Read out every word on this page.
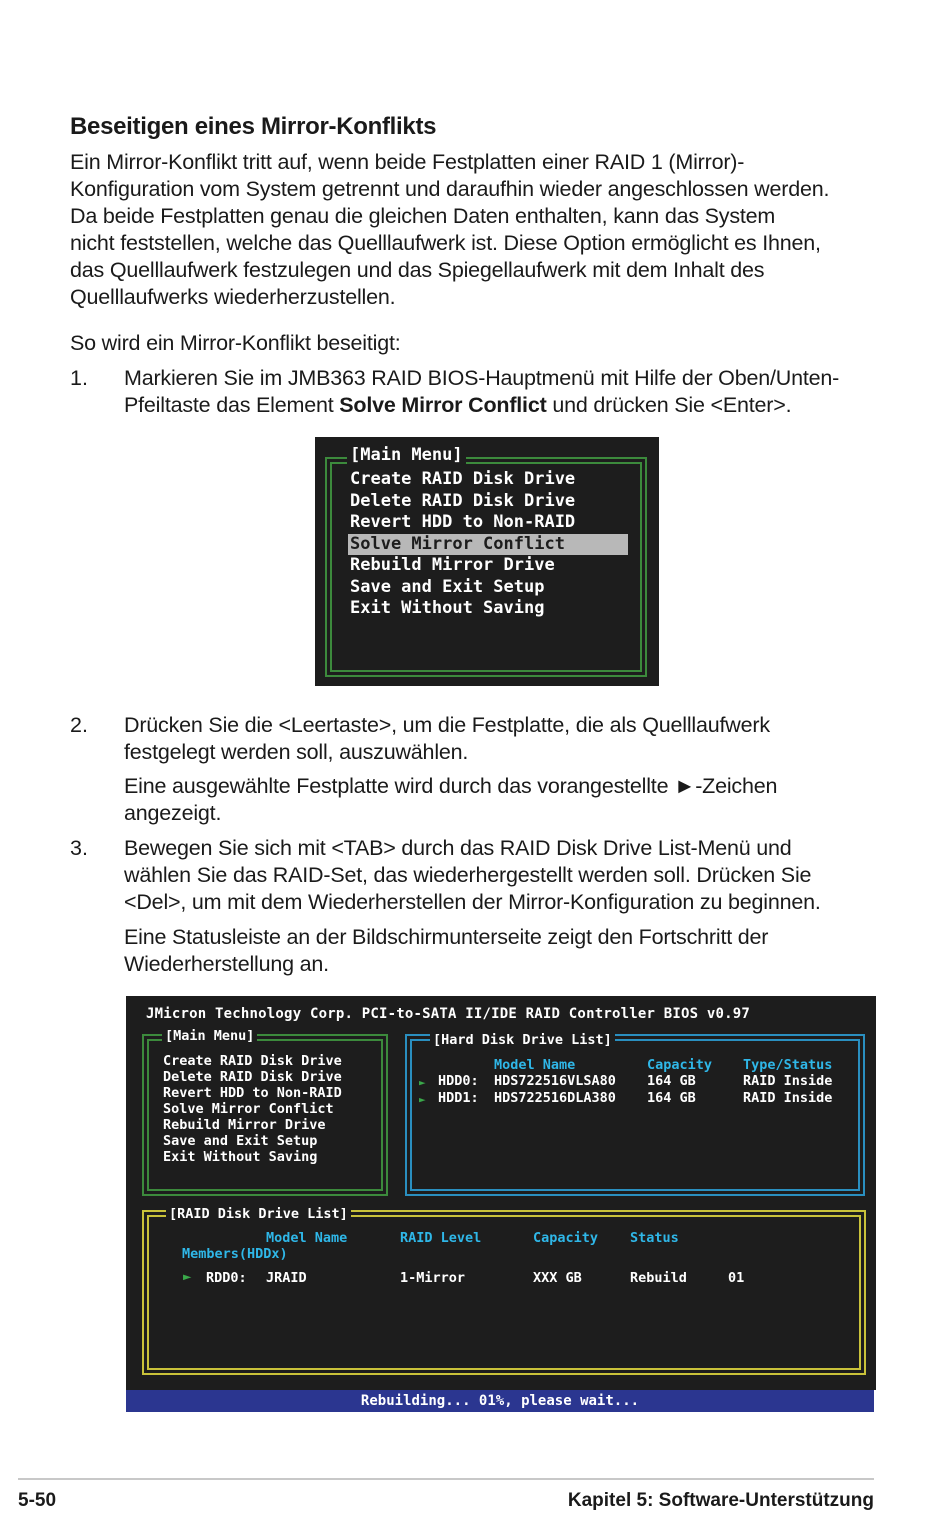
Beseitigen eines Mirror-Konflikts
Ein Mirror-Konflikt tritt auf, wenn beide Festplatten einer RAID 1 (Mirror)-
Konfiguration vom System getrennt und daraufhin wieder angeschlossen werden.
Da beide Festplatten genau die gleichen Daten enthalten, kann das System
nicht feststellen, welche das Quelllaufwerk ist. Diese Option ermöglicht es Ihnen,
das Quelllaufwerk festzulegen und das Spiegellaufwerk mit dem Inhalt des
Quelllaufwerks wiederherzustellen.
So wird ein Mirror-Konflikt beseitigt:
1. Markieren Sie im JMB363 RAID BIOS-Hauptmenü mit Hilfe der Oben/Unten-
Pfeiltaste das Element Solve Mirror Conflict und drücken Sie <Enter>.
[Main Menu]
Create RAID Disk Drive
Delete RAID Disk Drive
Revert HDD to Non-RAID
Solve Mirror Conflict
Rebuild Mirror Drive
Save and Exit Setup
Exit Without Saving
2. Drücken Sie die <Leertaste>, um die Festplatte, die als Quelllaufwerk
festgelegt werden soll, auszuwählen.
Eine ausgewählte Festplatte wird durch das vorangestellte ►-Zeichen
angezeigt.
3. Bewegen Sie sich mit <TAB> durch das RAID Disk Drive List-Menü und
wählen Sie das RAID-Set, das wiederhergestellt werden soll. Drücken Sie
<Del>, um mit dem Wiederherstellen der Mirror-Konfiguration zu beginnen.
Eine Statusleiste an der Bildschirmunterseite zeigt den Fortschritt der
Wiederherstellung an.
JMicron Technology Corp. PCI-to-SATA II/IDE RAID Controller BIOS v0.97
[Main Menu]
Create RAID Disk Drive
Delete RAID Disk Drive
Revert HDD to Non-RAID
Solve Mirror Conflict
Rebuild Mirror Drive
Save and Exit Setup
Exit Without Saving
[Hard Disk Drive List]
Model Name	Capacity Type/Status
► HDD0: HDS722516VLSA80 164 GB	RAID Inside
► HDD1: HDS722516DLA380 164 GB	RAID Inside
[RAID Disk Drive List]
Model Name	RAID Level	Capacity Status
Members(HDDx)
► RDD0: JRAID	1-Mirror	XXX GB	Rebuild	01
Rebuilding... 01%, please wait...
5-50	Kapitel 5: Software-Unterstützung
